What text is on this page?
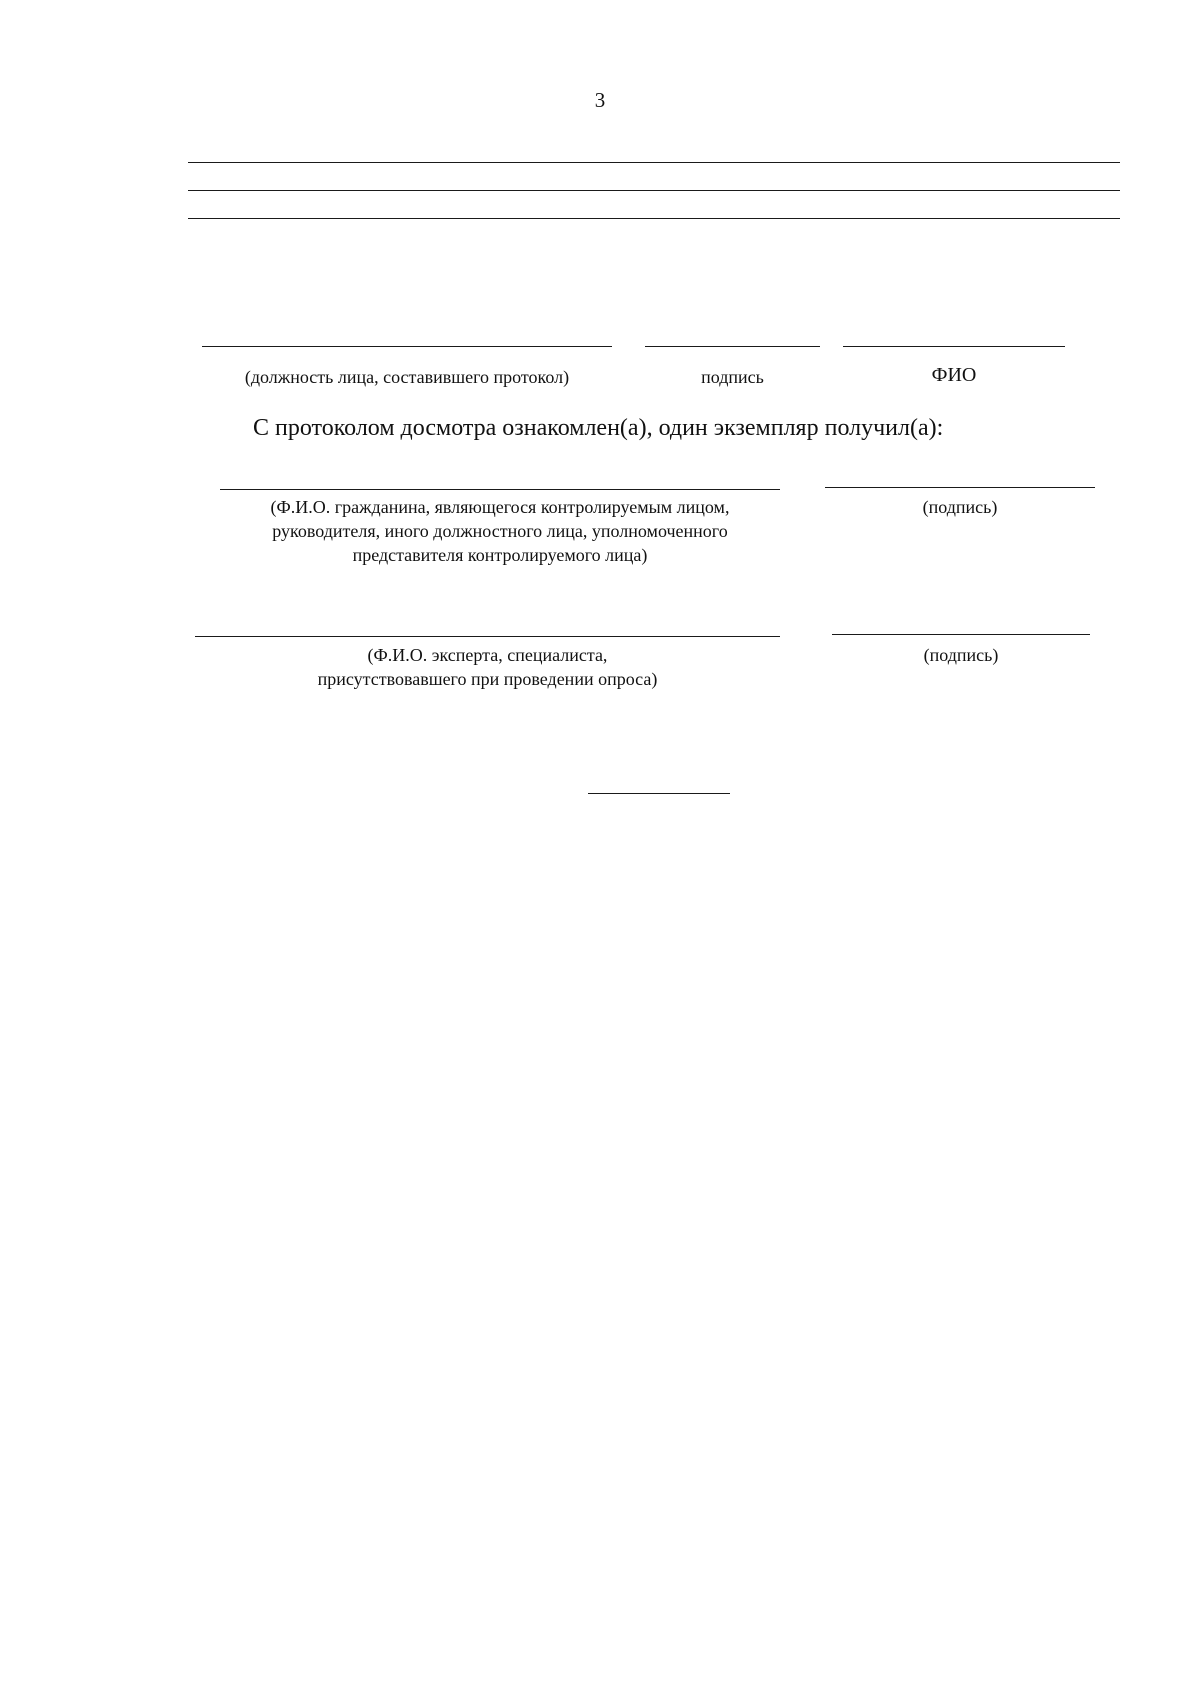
3
(должность лица, составившего протокол)	подпись	ФИО
С протоколом досмотра ознакомлен(а), один экземпляр получил(а):
(Ф.И.О. гражданина, являющегося контролируемым лицом,
руководителя, иного должностного лица, уполномоченного
представителя контролируемого лица)
(подпись)
(Ф.И.О. эксперта, специалиста,
присутствовавшего при проведении опроса)
(подпись)
